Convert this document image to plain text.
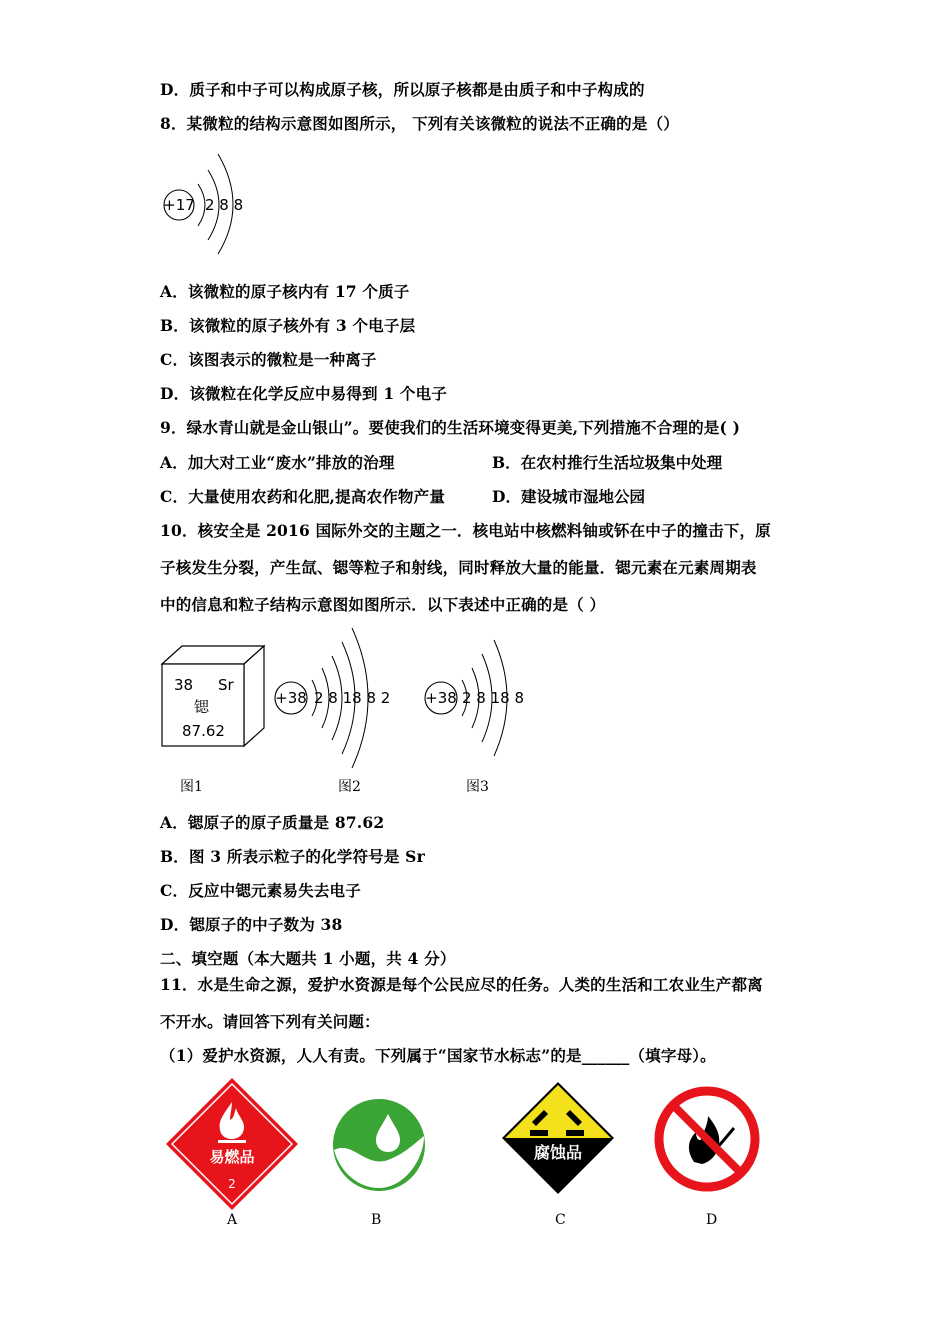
D．质子和中子可以构成原子核，所以原子核都是由质子和中子构成的
8．某微粒的结构示意图如图所示， 下列有关该微粒的说法不正确的是（）
+17 2 8 8
A．该微粒的原子核内有 17 个质子
B．该微粒的原子核外有 3 个电子层
C．该图表示的微粒是一种离子
D．该微粒在化学反应中易得到 1 个电子
9．绿水青山就是金山银山”。要使我们的生活环境变得更美,下列措施不合理的是( )
A．加大对工业“废水”排放的治理	B．在农村推行生活垃圾集中处理
C．大量使用农药和化肥,提高农作物产量	D．建设城市湿地公园
10．核安全是 2016 国际外交的主题之一．核电站中核燃料铀或钚在中子的撞击下，原
子核发生分裂，产生氙、锶等粒子和射线，同时释放大量的能量．锶元素在元素周期表
中的信息和粒子结构示意图如图所示．以下表述中正确的是（ ）
38 Sr
锶
87.62
图1
+38 2 8 18 8 2
图2
+38 2 8 18 8
图3
A．锶原子的原子质量是 87.62
B．图 3 所表示粒子的化学符号是 Sr
C．反应中锶元素易失去电子
D．锶原子的中子数为 38
二、填空题（本大题共 1 小题，共 4 分）
11．水是生命之源，爱护水资源是每个公民应尽的任务。人类的生活和工农业生产都离
不开水。请回答下列有关问题：
（1）爱护水资源，人人有责。下列属于“国家节水标志”的是______（填字母）。
易燃品
2
A	B
腐蚀品
C	D
